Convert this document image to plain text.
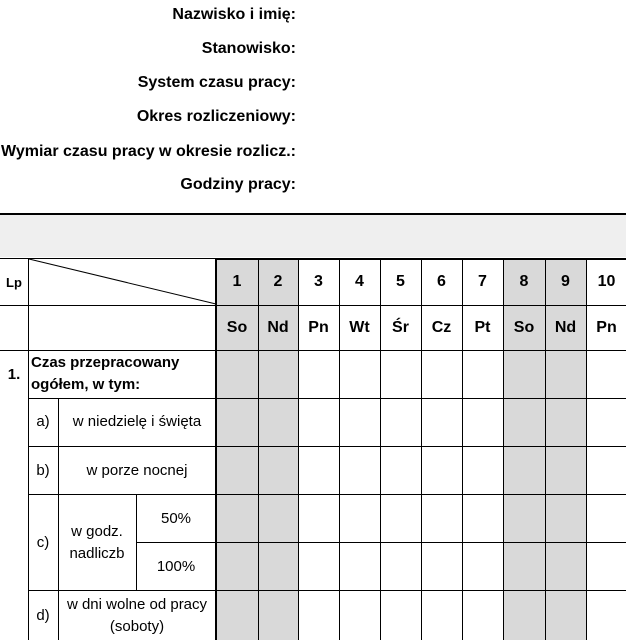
Nazwisko i imię:
Stanowisko:
System czasu pracy:
Okres rozliczeniowy:
Wymiar czasu pracy w okresie rozlicz.:
Godziny pracy:
Lp
1.
Czas przepracowany
ogółem, w tym:
a)	w niedzielę i święta
b)	w porze nocnej
c)
w godz.
nadliczb
50%
100%
d)
w dni wolne od pracy
(soboty)
1
So
2
Nd
3
Pn
4
Wt
5
Śr
6
Cz
7
Pt
8
So
9
Nd
10
Pn
